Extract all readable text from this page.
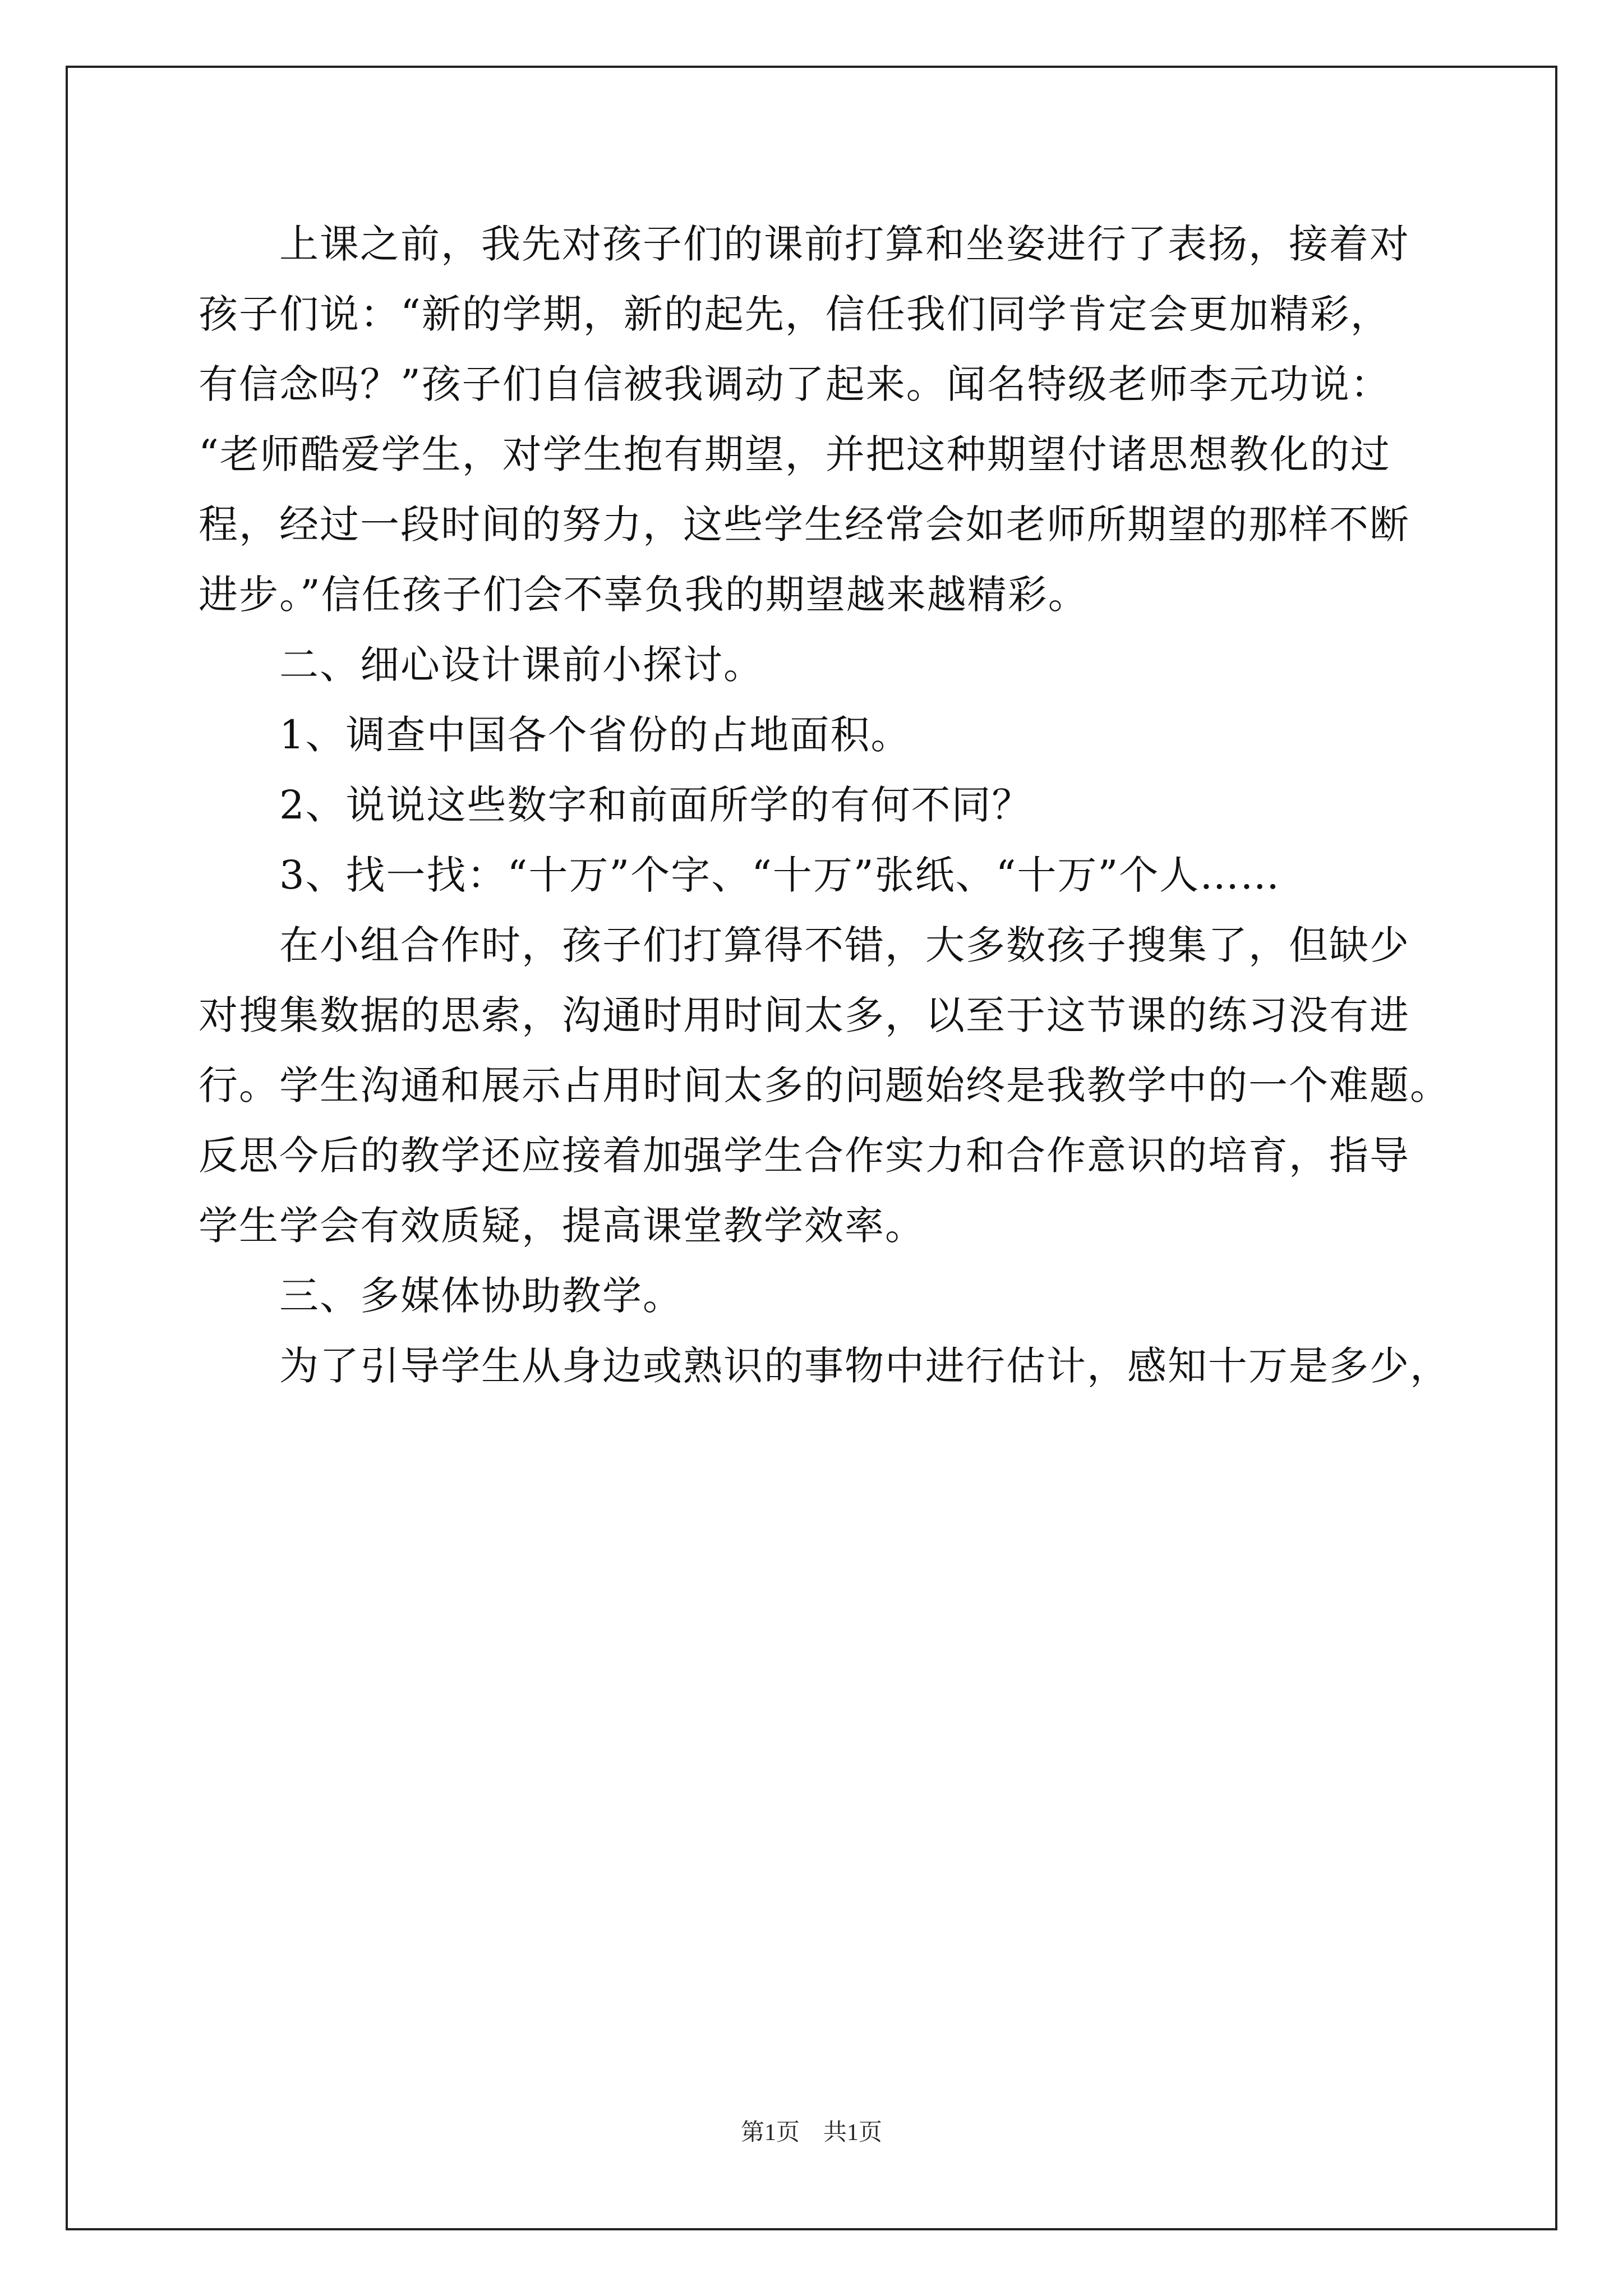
　　上课之前，我先对孩子们的课前打算和坐姿进行了表扬，接着对
孩子们说：“新的学期，新的起先，信任我们同学肯定会更加精彩，
有信念吗？”孩子们自信被我调动了起来。闻名特级老师李元功说：
“老师酷爱学生，对学生抱有期望，并把这种期望付诸思想教化的过
程，经过一段时间的努力，这些学生经常会如老师所期望的那样不断
进步。”信任孩子们会不辜负我的期望越来越精彩。
　　二、细心设计课前小探讨。
　　1、调查中国各个省份的占地面积。
　　2、说说这些数字和前面所学的有何不同？
　　3、找一找：“十万”个字、“十万”张纸、“十万”个人……
　　在小组合作时，孩子们打算得不错，大多数孩子搜集了，但缺少
对搜集数据的思索，沟通时用时间太多，以至于这节课的练习没有进
行。学生沟通和展示占用时间太多的问题始终是我教学中的一个难题。
反思今后的教学还应接着加强学生合作实力和合作意识的培育，指导
学生学会有效质疑，提高课堂教学效率。
　　三、多媒体协助教学。
　　为了引导学生从身边或熟识的事物中进行估计，感知十万是多少，
第1页　共1页
